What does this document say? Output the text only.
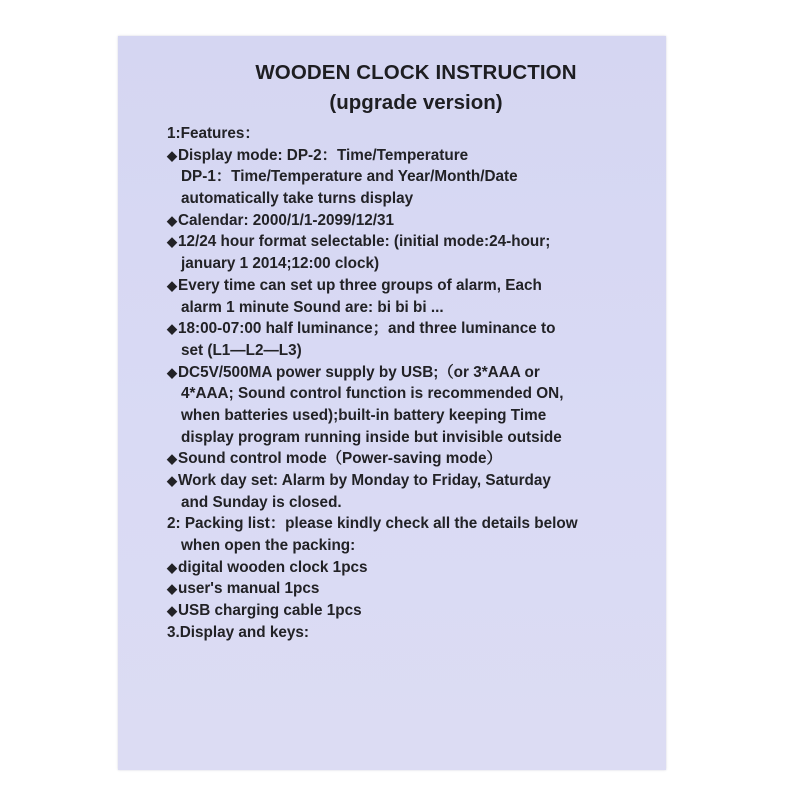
WOODEN CLOCK INSTRUCTION
(upgrade version)
1:Features：
◆Display mode: DP-2：Time/Temperature
DP-1：Time/Temperature and Year/Month/Date
automatically take turns display
◆Calendar: 2000/1/1-2099/12/31
◆12/24 hour format selectable: (initial mode:24-hour;
january 1 2014;12:00 clock)
◆Every time can set up three groups of alarm, Each
alarm 1 minute Sound are: bi bi bi ...
◆18:00-07:00 half luminance；and three luminance to
set (L1—L2—L3)
◆DC5V/500MA power supply by USB;（or 3*AAA or
4*AAA; Sound control function is recommended ON,
when batteries used);built-in battery keeping Time
display program running inside but invisible outside
◆Sound control mode（Power-saving mode）
◆Work day set: Alarm by Monday to Friday, Saturday
and Sunday is closed.
2: Packing list：please kindly check all the details below
when open the packing:
◆digital wooden clock 1pcs
◆user's manual 1pcs
◆USB charging cable 1pcs
3.Display and keys:
